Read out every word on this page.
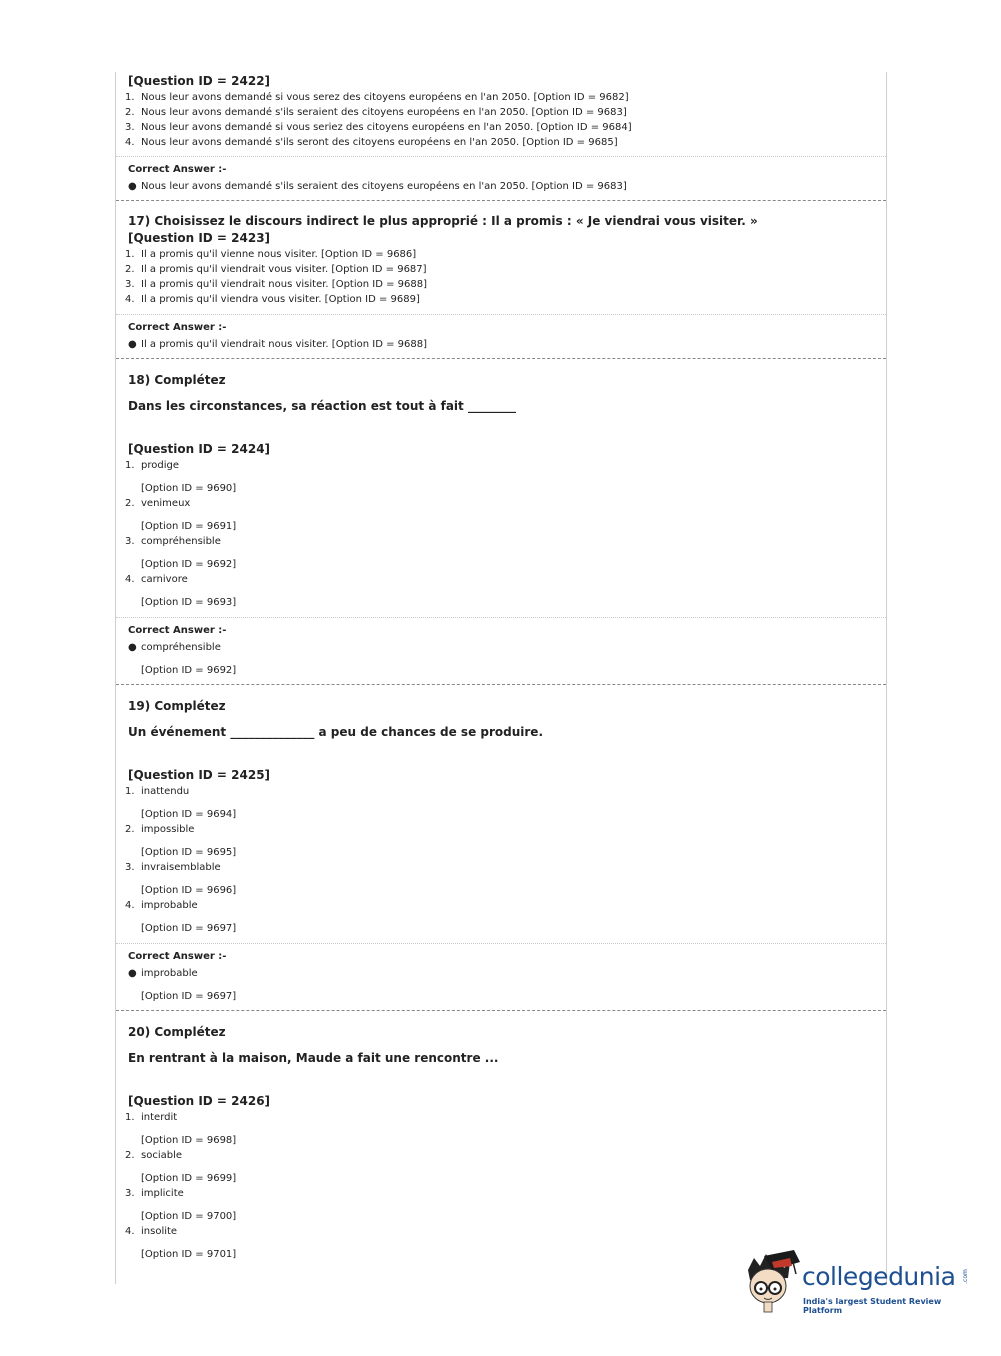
[Question ID = 2422]
1. Nous leur avons demandé si vous serez des citoyens européens en l'an 2050. [Option ID = 9682]
2. Nous leur avons demandé s'ils seraient des citoyens européens en l'an 2050. [Option ID = 9683]
3. Nous leur avons demandé si vous seriez des citoyens européens en l'an 2050. [Option ID = 9684]
4. Nous leur avons demandé s'ils seront des citoyens européens en l'an 2050. [Option ID = 9685]
Correct Answer :-
● Nous leur avons demandé s'ils seraient des citoyens européens en l'an 2050. [Option ID = 9683]
17) Choisissez le discours indirect le plus approprié : Il a promis : « Je viendrai vous visiter. »
[Question ID = 2423]
1. Il a promis qu'il vienne nous visiter. [Option ID = 9686]
2. Il a promis qu'il viendrait vous visiter. [Option ID = 9687]
3. Il a promis qu'il viendrait nous visiter. [Option ID = 9688]
4. Il a promis qu'il viendra vous visiter. [Option ID = 9689]
Correct Answer :-
● Il a promis qu'il viendrait nous visiter. [Option ID = 9688]
18) Complétez
Dans les circonstances, sa réaction est tout à fait ________
[Question ID = 2424]
1. prodige
[Option ID = 9690]
2. venimeux
[Option ID = 9691]
3. compréhensible
[Option ID = 9692]
4. carnivore
[Option ID = 9693]
Correct Answer :-
● compréhensible
[Option ID = 9692]
19) Complétez
Un événement ______________ a peu de chances de se produire.
[Question ID = 2425]
1. inattendu
[Option ID = 9694]
2. impossible
[Option ID = 9695]
3. invraisemblable
[Option ID = 9696]
4. improbable
[Option ID = 9697]
Correct Answer :-
● improbable
[Option ID = 9697]
20) Complétez
En rentrant à la maison, Maude a fait une rencontre ...
[Question ID = 2426]
1. interdit
[Option ID = 9698]
2. sociable
[Option ID = 9699]
3. implicite
[Option ID = 9700]
4. insolite
[Option ID = 9701]
collegedunia .com
India's largest Student Review Platform
